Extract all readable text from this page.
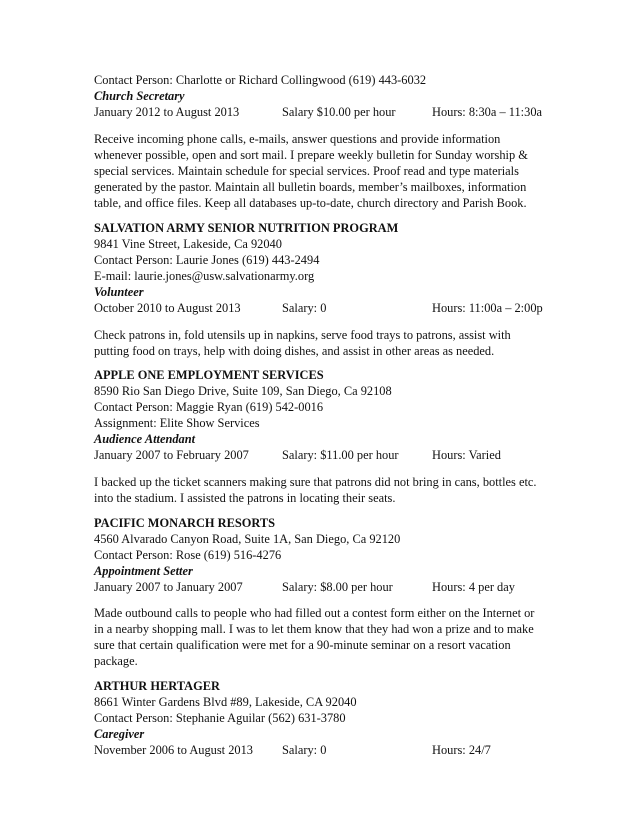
Contact Person: Charlotte or Richard Collingwood (619) 443-6032
Church Secretary
January 2012 to August 2013	Salary $10.00 per hour	Hours: 8:30a – 11:30a
Receive incoming phone calls, e-mails, answer questions and provide information
whenever possible, open and sort mail. I prepare weekly bulletin for Sunday worship &
special services. Maintain schedule for special services. Proof read and type materials
generated by the pastor. Maintain all bulletin boards, member’s mailboxes, information
table, and office files. Keep all databases up-to-date, church directory and Parish Book.
SALVATION ARMY SENIOR NUTRITION PROGRAM
9841 Vine Street, Lakeside, Ca 92040
Contact Person: Laurie Jones (619) 443-2494
E-mail: laurie.jones@usw.salvationarmy.org
Volunteer
October 2010 to August 2013	Salary: 0	Hours: 11:00a – 2:00p
Check patrons in, fold utensils up in napkins, serve food trays to patrons, assist with
putting food on trays, help with doing dishes, and assist in other areas as needed.
APPLE ONE EMPLOYMENT SERVICES
8590 Rio San Diego Drive, Suite 109, San Diego, Ca 92108
Contact Person: Maggie Ryan (619) 542-0016
Assignment: Elite Show Services
Audience Attendant
January 2007 to February 2007	Salary: $11.00 per hour	Hours: Varied
I backed up the ticket scanners making sure that patrons did not bring in cans, bottles etc.
into the stadium. I assisted the patrons in locating their seats.
PACIFIC MONARCH RESORTS
4560 Alvarado Canyon Road, Suite 1A, San Diego, Ca 92120
Contact Person: Rose (619) 516-4276
Appointment Setter
January 2007 to January 2007	Salary: $8.00 per hour	Hours: 4 per day
Made outbound calls to people who had filled out a contest form either on the Internet or
in a nearby shopping mall. I was to let them know that they had won a prize and to make
sure that certain qualification were met for a 90-minute seminar on a resort vacation
package.
ARTHUR HERTAGER
8661 Winter Gardens Blvd #89, Lakeside, CA 92040
Contact Person: Stephanie Aguilar (562) 631-3780
Caregiver
November 2006 to August 2013 Salary: 0	Hours: 24/7
